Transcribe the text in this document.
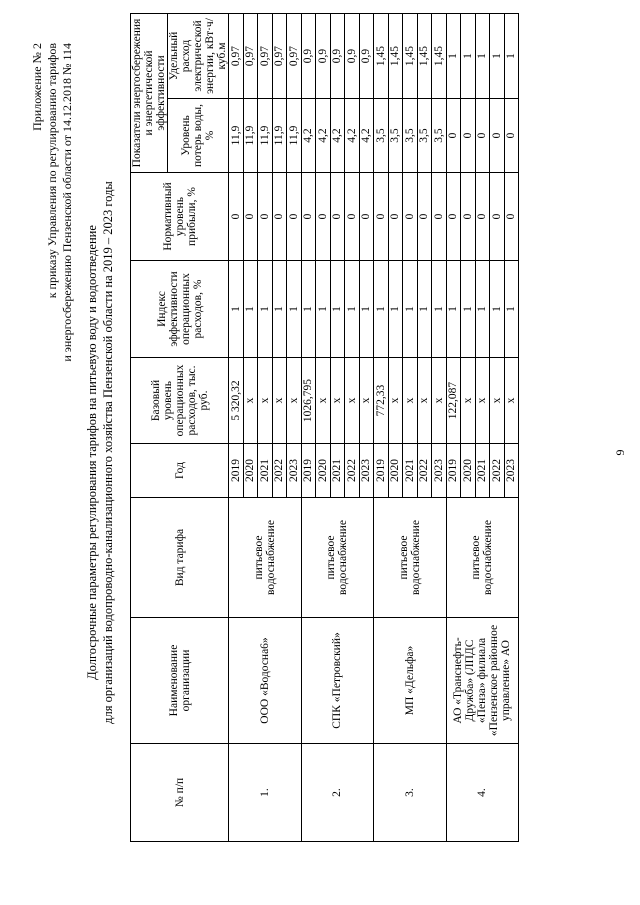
Приложение № 2 к приказу Управления по регулированию тарифов и энергосбережению Пензенской области от 14.12.2018 № 114
Долгосрочные параметры регулирования тарифов на питьевую воду и водоотведение для организаций водопроводно-канализационного хозяйства Пензенской области на 2019 – 2023 годы
№ п/п	Наименование организации	Вид тарифа	Год	Базовый уровень операционных расходов, тыс. руб.	Индекс эффективности операционных расходов, %	Нормативный уровень прибыли, %	Показатели энергосбережения и энергетической эффективности	
							Уровень потерь воды, %	Удельный расход электрической энергии, кВт·ч/куб.м
1.	ООО «Водосна6»	питьевое водоснабжение	2019	5 320,32	1	0	11,9	0,97
			2020	х	1	0	11,9	0,97
			2021	х	1	0	11,9	0,97
			2022	х	1	0	11,9	0,97
			2023	х	1	0	11,9	0,97
2.	СПК «Петровский»	питьевое водоснабжение	2019	1026,795	1	0	4,2	0,9
			2020	х	1	0	4,2	0,9
			2021	х	1	0	4,2	0,9
			2022	х	1	0	4,2	0,9
			2023	х	1	0	4,2	0,9
3.	МП «Дельфа»	питьевое водоснабжение	2019	772,33	1	0	3,5	1,45
			2020	х	1	0	3,5	1,45
			2021	х	1	0	3,5	1,45
			2022	х	1	0	3,5	1,45
			2023	х	1	0	3,5	1,45
4.	АО «Транснефть-Дружба» (ЛПДС «Пенза» филиала «Пензенское районное управление» АО	питьевое водоснабжение	2019	122,087	1	0	0	1
			2020	х	1	0	0	1
			2021	х	1	0	0	1
			2022	х	1	0	0	1
			2023	х	1	0	0	1
9
